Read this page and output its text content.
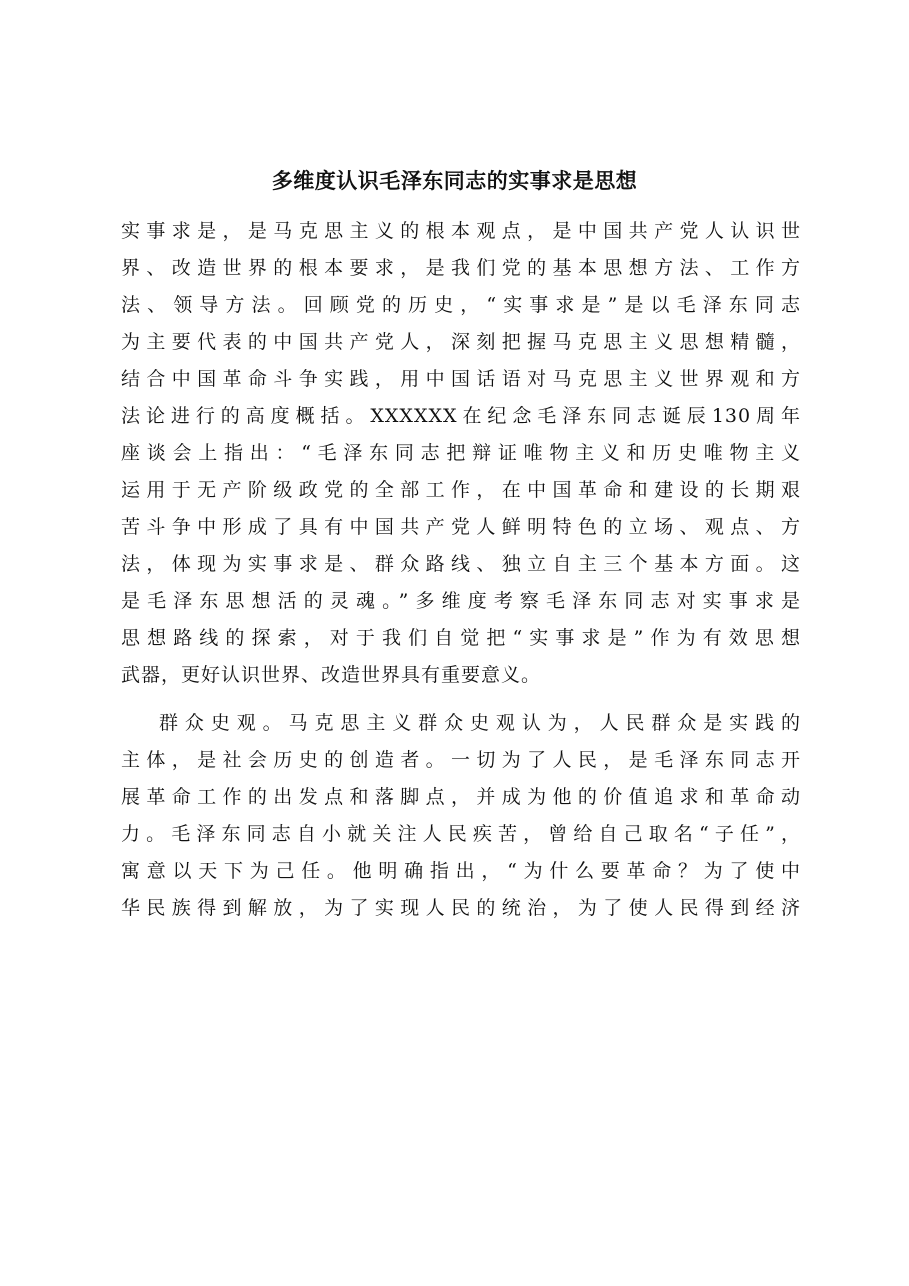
多维度认识毛泽东同志的实事求是思想
实事求是，是马克思主义的根本观点，是中国共产党人认识世
界、改造世界的根本要求，是我们党的基本思想方法、工作方
法、领导方法。回顾党的历史，“实事求是”是以毛泽东同志
为主要代表的中国共产党人，深刻把握马克思主义思想精髓，
结合中国革命斗争实践，用中国话语对马克思主义世界观和方
法论进行的高度概括。XXXXXX在纪念毛泽东同志诞辰130周年
座谈会上指出：“毛泽东同志把辩证唯物主义和历史唯物主义
运用于无产阶级政党的全部工作，在中国革命和建设的长期艰
苦斗争中形成了具有中国共产党人鲜明特色的立场、观点、方
法，体现为实事求是、群众路线、独立自主三个基本方面。这
是毛泽东思想活的灵魂。”多维度考察毛泽东同志对实事求是
思想路线的探索，对于我们自觉把“实事求是”作为有效思想
武器，更好认识世界、改造世界具有重要意义。
群众史观。马克思主义群众史观认为，人民群众是实践的
主体，是社会历史的创造者。一切为了人民，是毛泽东同志开
展革命工作的出发点和落脚点，并成为他的价值追求和革命动
力。毛泽东同志自小就关注人民疾苦，曾给自己取名“子任”，
寓意以天下为己任。他明确指出，“为什么要革命？为了使中
华民族得到解放，为了实现人民的统治，为了使人民得到经济
